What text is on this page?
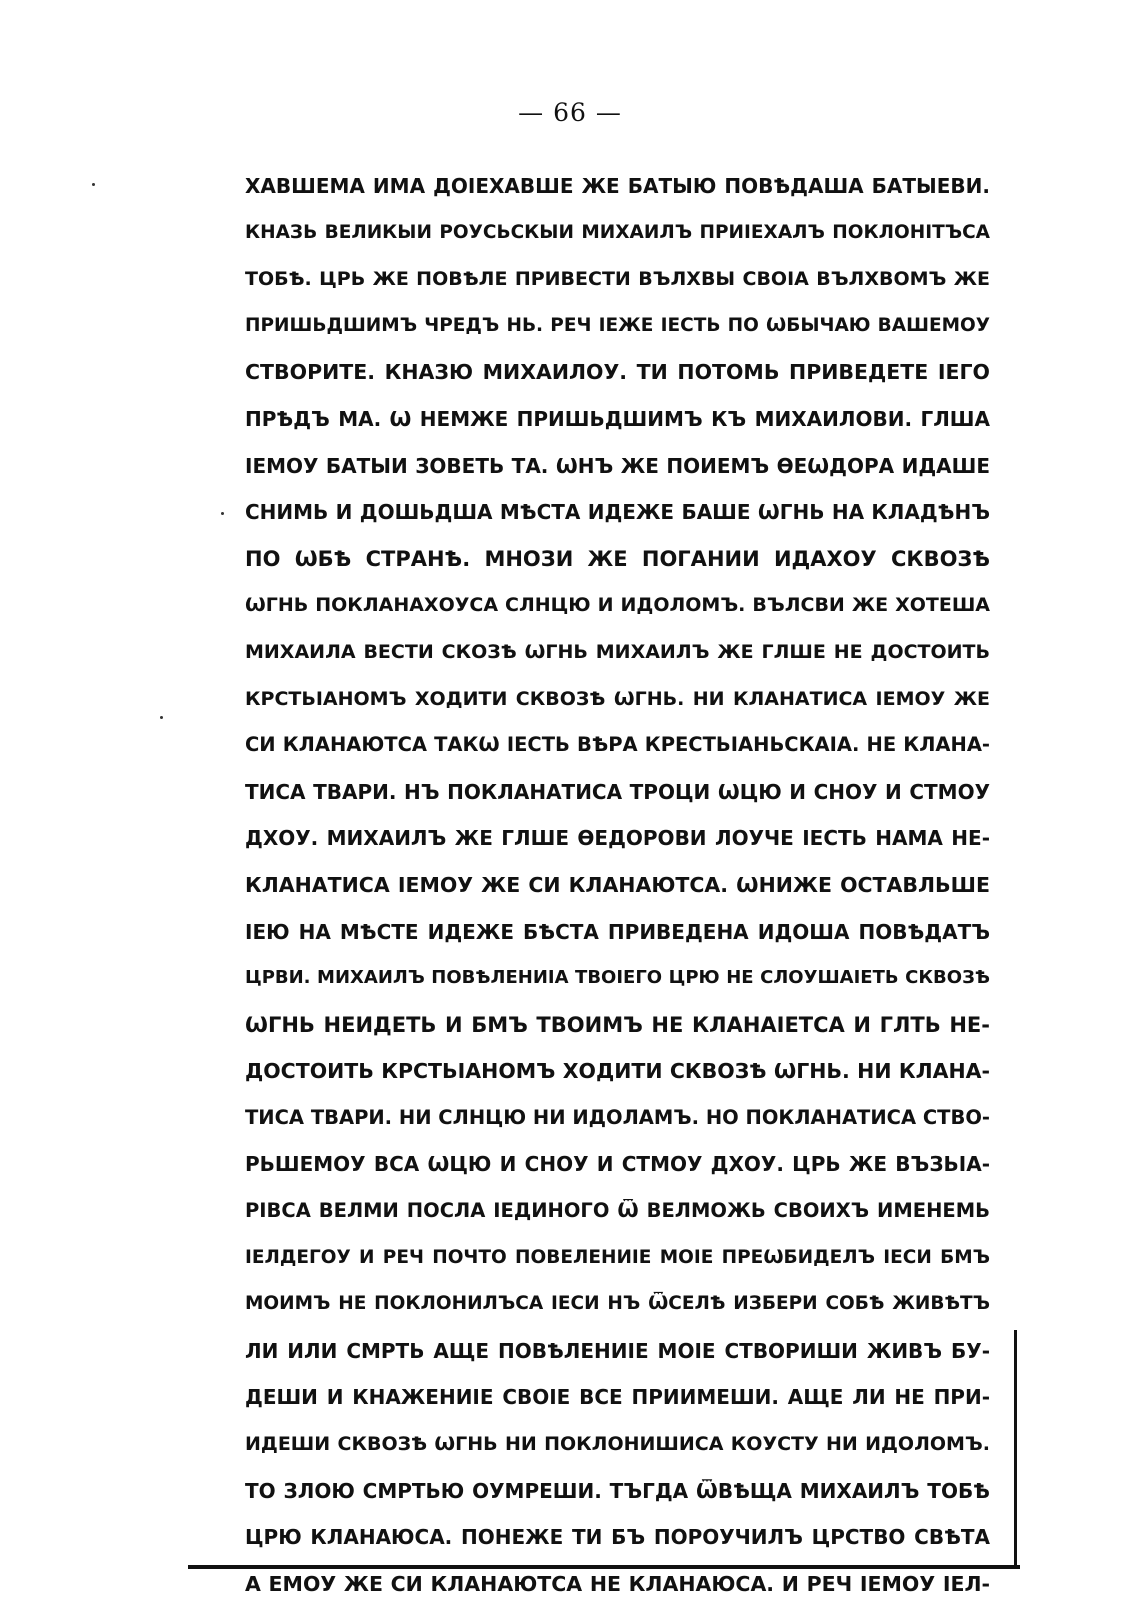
— 66 —
ХАВШЕМА ИМА ДОІЕХАВШЕ ЖЕ БАТЫЮ ПОВѢДАША БАТЫЕВИ.
КНАЗЬ ВЕЛИКЫИ РОУСЬСКЫИ МИХАИЛЪ ПРИІЕХАЛЪ ПОКЛОНІТЪСА
ТОБѢ. ЦРЬ ЖЕ ПОВѢЛЕ ПРИВЕСТИ ВЪЛХВЫ СВОІА ВЪЛХВОМЪ ЖЕ
ПРИШЬДШИМЪ ЧРЕДЪ НЬ. РЕЧ ІЕЖЕ ІЕСТЬ ПО ѠБЫЧАЮ ВАШЕМОУ
СТВОРИТЕ. КНАЗЮ МИХАИЛОУ. ТИ ПОТОМЬ ПРИВЕДЕТЕ ІЕГО
ПРѢДЪ МА. Ѡ НЕМЖЕ ПРИШЬДШИМЪ КЪ МИХАИЛОВИ. ГЛША
ІЕМОУ БАТЫИ ЗОВЕТЬ ТА. ѠНЪ ЖЕ ПОИЕМЪ ѲЕѠДОРА ИДАШЕ
СНИМЬ И ДОШЬДША МѢСТА ИДЕЖЕ БАШЕ ѠГНЬ НА КЛАДѢНЪ
ПО ѠБѢ СТРАНѢ. МНОЗИ ЖЕ ПОГАНИИ ИДАХОУ СКВОЗѢ
ѠГНЬ ПОКЛАНАХОУСА СЛНЦЮ И ИДОЛОМЪ. ВЪЛСВИ ЖЕ ХОТЕША
МИХАИЛА ВЕСТИ СКОЗѢ ѠГНЬ МИХАИЛЪ ЖЕ ГЛШЕ НЕ ДОСТОИТЬ
КРСТЬІАНОМЪ ХОДИТИ СКВОЗѢ ѠГНЬ. НИ КЛАНАТИСА ІЕМОУ ЖЕ
СИ КЛАНАЮТСА ТАКѠ ІЕСТЬ ВѢРА КРЕСТЬІАНЬСКАІА. НЕ КЛАНА-
ТИСА ТВАРИ. НЪ ПОКЛАНАТИСА ТРОЦИ ѠЦЮ И СНОУ И СТМОУ
ДХОУ. МИХАИЛЪ ЖЕ ГЛШЕ ѲЕДОРОВИ ЛОУЧЕ ІЕСТЬ НАМА НЕ-
КЛАНАТИСА ІЕМОУ ЖЕ СИ КЛАНАЮТСА. ѠНИЖЕ ОСТАВЛЬШЕ
ІЕЮ НА МѢСТЕ ИДЕЖЕ БѢСТА ПРИВЕДЕНА ИДОША ПОВѢДАТЪ
ЦРВИ. МИХАИЛЪ ПОВѢЛЕНИІА ТВОІЕГО ЦРЮ НЕ СЛОУШАІЕТЬ СКВОЗѢ
ѠГНЬ НЕИДЕТЬ И БМЪ ТВОИМЪ НЕ КЛАНАІЕТСА И ГЛТЬ НЕ-
ДОСТОИТЬ КРСТЬІАНОМЪ ХОДИТИ СКВОЗѢ ѠГНЬ. НИ КЛАНА-
ТИСА ТВАРИ. НИ СЛНЦЮ НИ ИДОЛАМЪ. НО ПОКЛАНАТИСА СТВО-
РЬШЕМОУ ВСА ѠЦЮ И СНОУ И СТМОУ ДХОУ. ЦРЬ ЖЕ ВЪЗЬІА-
РІВСА ВЕЛМИ ПОСЛА ІЕДИНОГО Ѿ ВЕЛМОЖЬ СВОИХЪ ИМЕНЕМЬ
ІЕЛДЕГОУ И РЕЧ ПОЧТО ПОВЕЛЕНИІЕ МОІЕ ПРЕѠБИДЕЛЪ ІЕСИ БМЪ
МОИМЪ НЕ ПОКЛОНИЛЪСА ІЕСИ НЪ ѾСЕЛѢ ИЗБЕРИ СОБѢ ЖИВѢТЪ
ЛИ ИЛИ СМРТЬ АЩЕ ПОВѢЛЕНИІЕ МОІЕ СТВОРИШИ ЖИВЪ БУ-
ДЕШИ И КНАЖЕНИІЕ СВОІЕ ВСЕ ПРИИМЕШИ. АЩЕ ЛИ НЕ ПРИ-
ИДЕШИ СКВОЗѢ ѠГНЬ НИ ПОКЛОНИШИСА КОУСТУ НИ ИДОЛОМЪ.
ТО ЗЛОЮ СМРТЬЮ ОУМРЕШИ. ТЪГДА ѾВѢЩА МИХАИЛЪ ТОБѢ
ЦРЮ КЛАНАЮСА. ПОНЕЖЕ ТИ БЪ ПОРОУЧИЛЪ ЦРСТВО СВѢТА
А ЕМОУ ЖЕ СИ КЛАНАЮТСА НЕ КЛАНАЮСА. И РЕЧ ІЕМОУ ІЕЛ-
